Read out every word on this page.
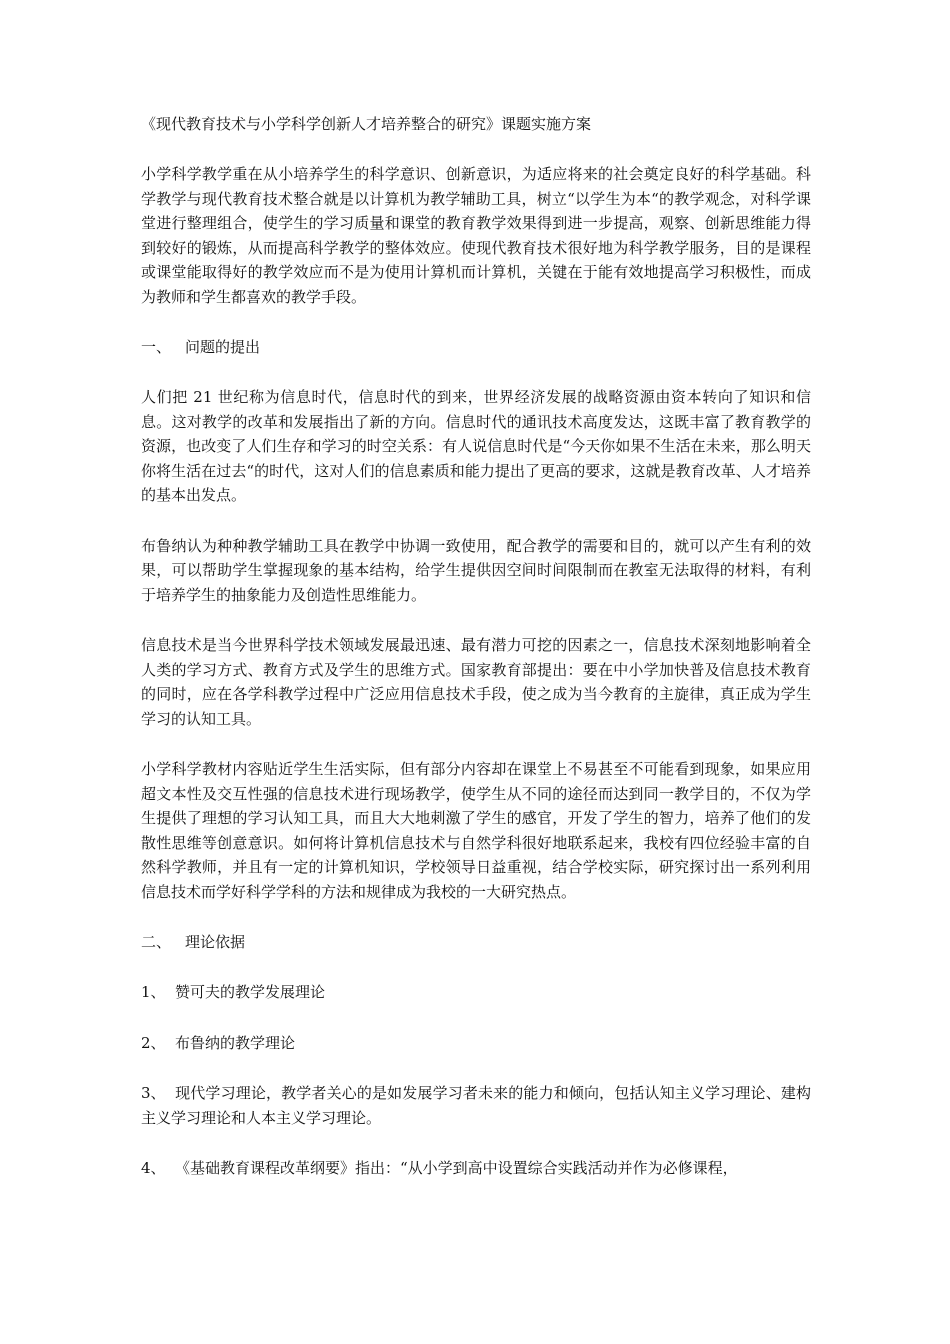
《现代教育技术与小学科学创新人才培养整合的研究》课题实施方案

小学科学教学重在从小培养学生的科学意识、创新意识，为适应将来的社会奠定良好的科学基础。科学教学与现代教育技术整合就是以计算机为教学辅助工具，树立“以学生为本“的教学观念，对科学课堂进行整理组合，使学生的学习质量和课堂的教育教学效果得到进一步提高，观察、创新思维能力得到较好的锻炼，从而提高科学教学的整体效应。使现代教育技术很好地为科学教学服务，目的是课程或课堂能取得好的教学效应而不是为使用计算机而计算机，关键在于能有效地提高学习积极性，而成为教师和学生都喜欢的教学手段。

一、 问题的提出

人们把 21 世纪称为信息时代，信息时代的到来，世界经济发展的战略资源由资本转向了知识和信息。这对教学的改革和发展指出了新的方向。信息时代的通讯技术高度发达，这既丰富了教育教学的资源，也改变了人们生存和学习的时空关系：有人说信息时代是“今天你如果不生活在未来，那么明天你将生活在过去“的时代，这对人们的信息素质和能力提出了更高的要求，这就是教育改革、人才培养的基本出发点。

布鲁纳认为种种教学辅助工具在教学中协调一致使用，配合教学的需要和目的，就可以产生有利的效果，可以帮助学生掌握现象的基本结构，给学生提供因空间时间限制而在教室无法取得的材料，有利于培养学生的抽象能力及创造性思维能力。

信息技术是当今世界科学技术领域发展最迅速、最有潜力可挖的因素之一，信息技术深刻地影响着全人类的学习方式、教育方式及学生的思维方式。国家教育部提出：要在中小学加快普及信息技术教育的同时，应在各学科教学过程中广泛应用信息技术手段，使之成为当今教育的主旋律，真正成为学生学习的认知工具。

小学科学教材内容贴近学生生活实际，但有部分内容却在课堂上不易甚至不可能看到现象，如果应用超文本性及交互性强的信息技术进行现场教学，使学生从不同的途径而达到同一教学目的，不仅为学生提供了理想的学习认知工具，而且大大地刺激了学生的感官，开发了学生的智力，培养了他们的发散性思维等创意意识。如何将计算机信息技术与自然学科很好地联系起来，我校有四位经验丰富的自然科学教师，并且有一定的计算机知识，学校领导日益重视，结合学校实际，研究探讨出一系列利用信息技术而学好科学学科的方法和规律成为我校的一大研究热点。

二、 理论依据

1、 赞可夫的教学发展理论

2、 布鲁纳的教学理论

3、 现代学习理论，教学者关心的是如发展学习者未来的能力和倾向，包括认知主义学习理论、建构主义学习理论和人本主义学习理论。

4、 《基础教育课程改革纲要》指出：“从小学到高中设置综合实践活动并作为必修课程，
